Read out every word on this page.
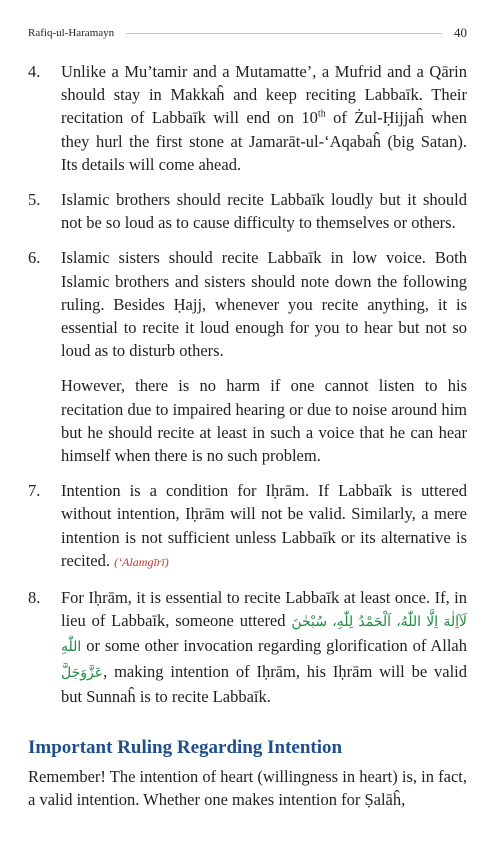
Rafiq-ul-Haramayn	40
4.	Unlike a Mu’tamir and a Mutamatte’, a Mufrid and a Qārin should stay in Makkaĥ and keep reciting Labbaīk. Their recitation of Labbaīk will end on 10th of Żul-Ḥijjaĥ when they hurl the first stone at Jamarāt-ul-‘Aqabaĥ (big Satan). Its details will come ahead.

5.	Islamic brothers should recite Labbaīk loudly but it should not be so loud as to cause difficulty to themselves or others.

6.	Islamic sisters should recite Labbaīk in low voice. Both Islamic brothers and sisters should note down the following ruling. Besides Ḥajj, whenever you recite anything, it is essential to recite it loud enough for you to hear but not so loud as to disturb others.

However, there is no harm if one cannot listen to his recitation due to impaired hearing or due to noise around him but he should recite at least in such a voice that he can hear himself when there is no such problem.

7.	Intention is a condition for Iḥrām. If Labbaīk is uttered without intention, Iḥrām will not be valid. Similarly, a mere intention is not sufficient unless Labbaīk or its alternative is recited. (‘Alamgīrī)

8.	For Iḥrām, it is essential to recite Labbaīk at least once. If, in lieu of Labbaīk, someone uttered لَآاِلٰهَ اِلَّا اللّٰهُ، اَلْحَمْدُ لِلّٰهِ، سُبْحٰنَ اللّٰهِ or some other invocation regarding glorification of Allah عَزَّوَجَلَّ, making intention of Iḥrām, his Iḥrām will be valid but Sunnaĥ is to recite Labbaīk.

Important Ruling Regarding Intention
Remember! The intention of heart (willingness in heart) is, in fact, a valid intention. Whether one makes intention for Ṣalāĥ,
